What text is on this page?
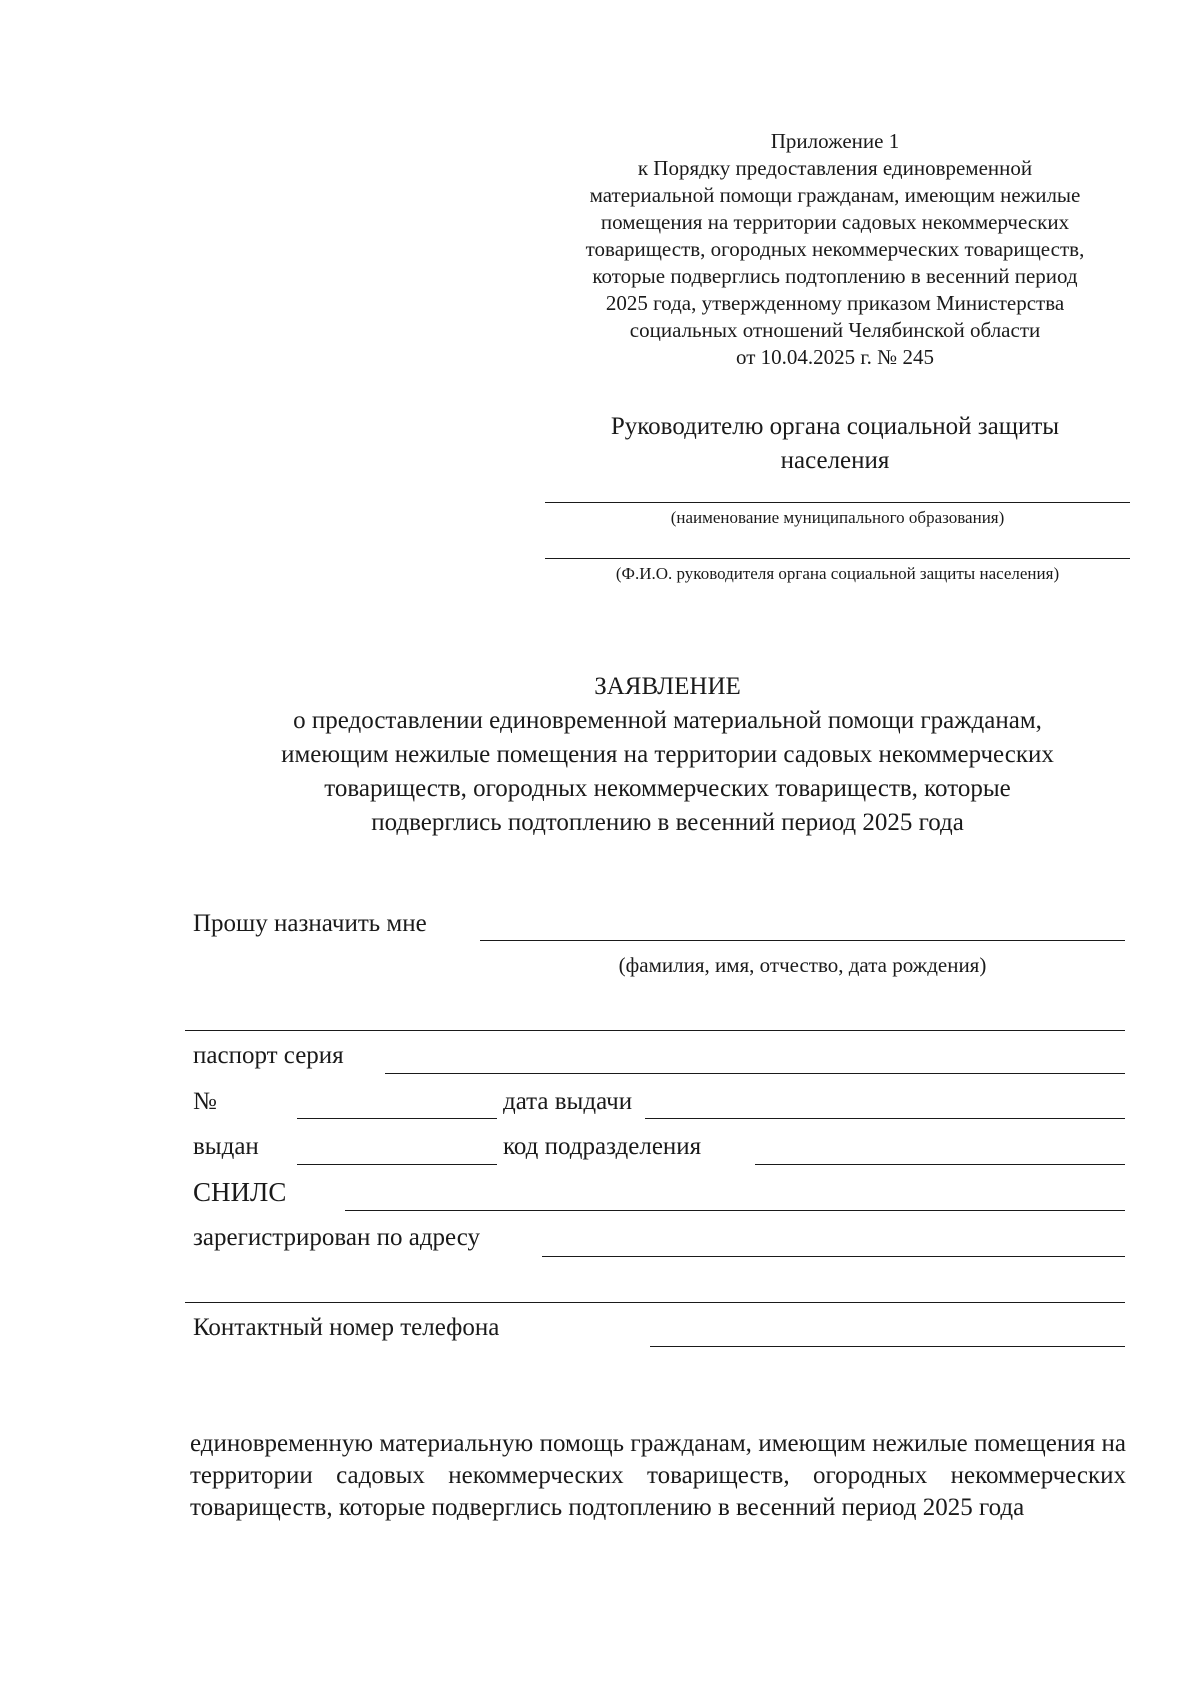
Приложение 1
к Порядку предоставления единовременной
материальной помощи гражданам, имеющим нежилые
помещения на территории садовых некоммерческих
товариществ, огородных некоммерческих товариществ,
которые подверглись подтоплению в весенний период
2025 года, утвержденному приказом Министерства
социальных отношений Челябинской области
от 10.04.2025 г. № 245
Руководителю органа социальной защиты
населения
(наименование муниципального образования)
(Ф.И.О. руководителя органа социальной защиты населения)
ЗАЯВЛЕНИЕ
о предоставлении единовременной материальной помощи гражданам,
имеющим нежилые помещения на территории садовых некоммерческих
товариществ, огородных некоммерческих товариществ, которые
подверглись подтоплению в весенний период 2025 года
Прошу назначить мне
(фамилия, имя, отчество, дата рождения)
паспорт серия
№	дата выдачи
выдан	код подразделения
СНИЛС
зарегистрирован по адресу
Контактный номер телефона
единовременную материальную помощь гражданам, имеющим нежилые помещения на территории садовых некоммерческих товариществ, огородных некоммерческих товариществ, которые подверглись подтоплению в весенний период 2025 года
